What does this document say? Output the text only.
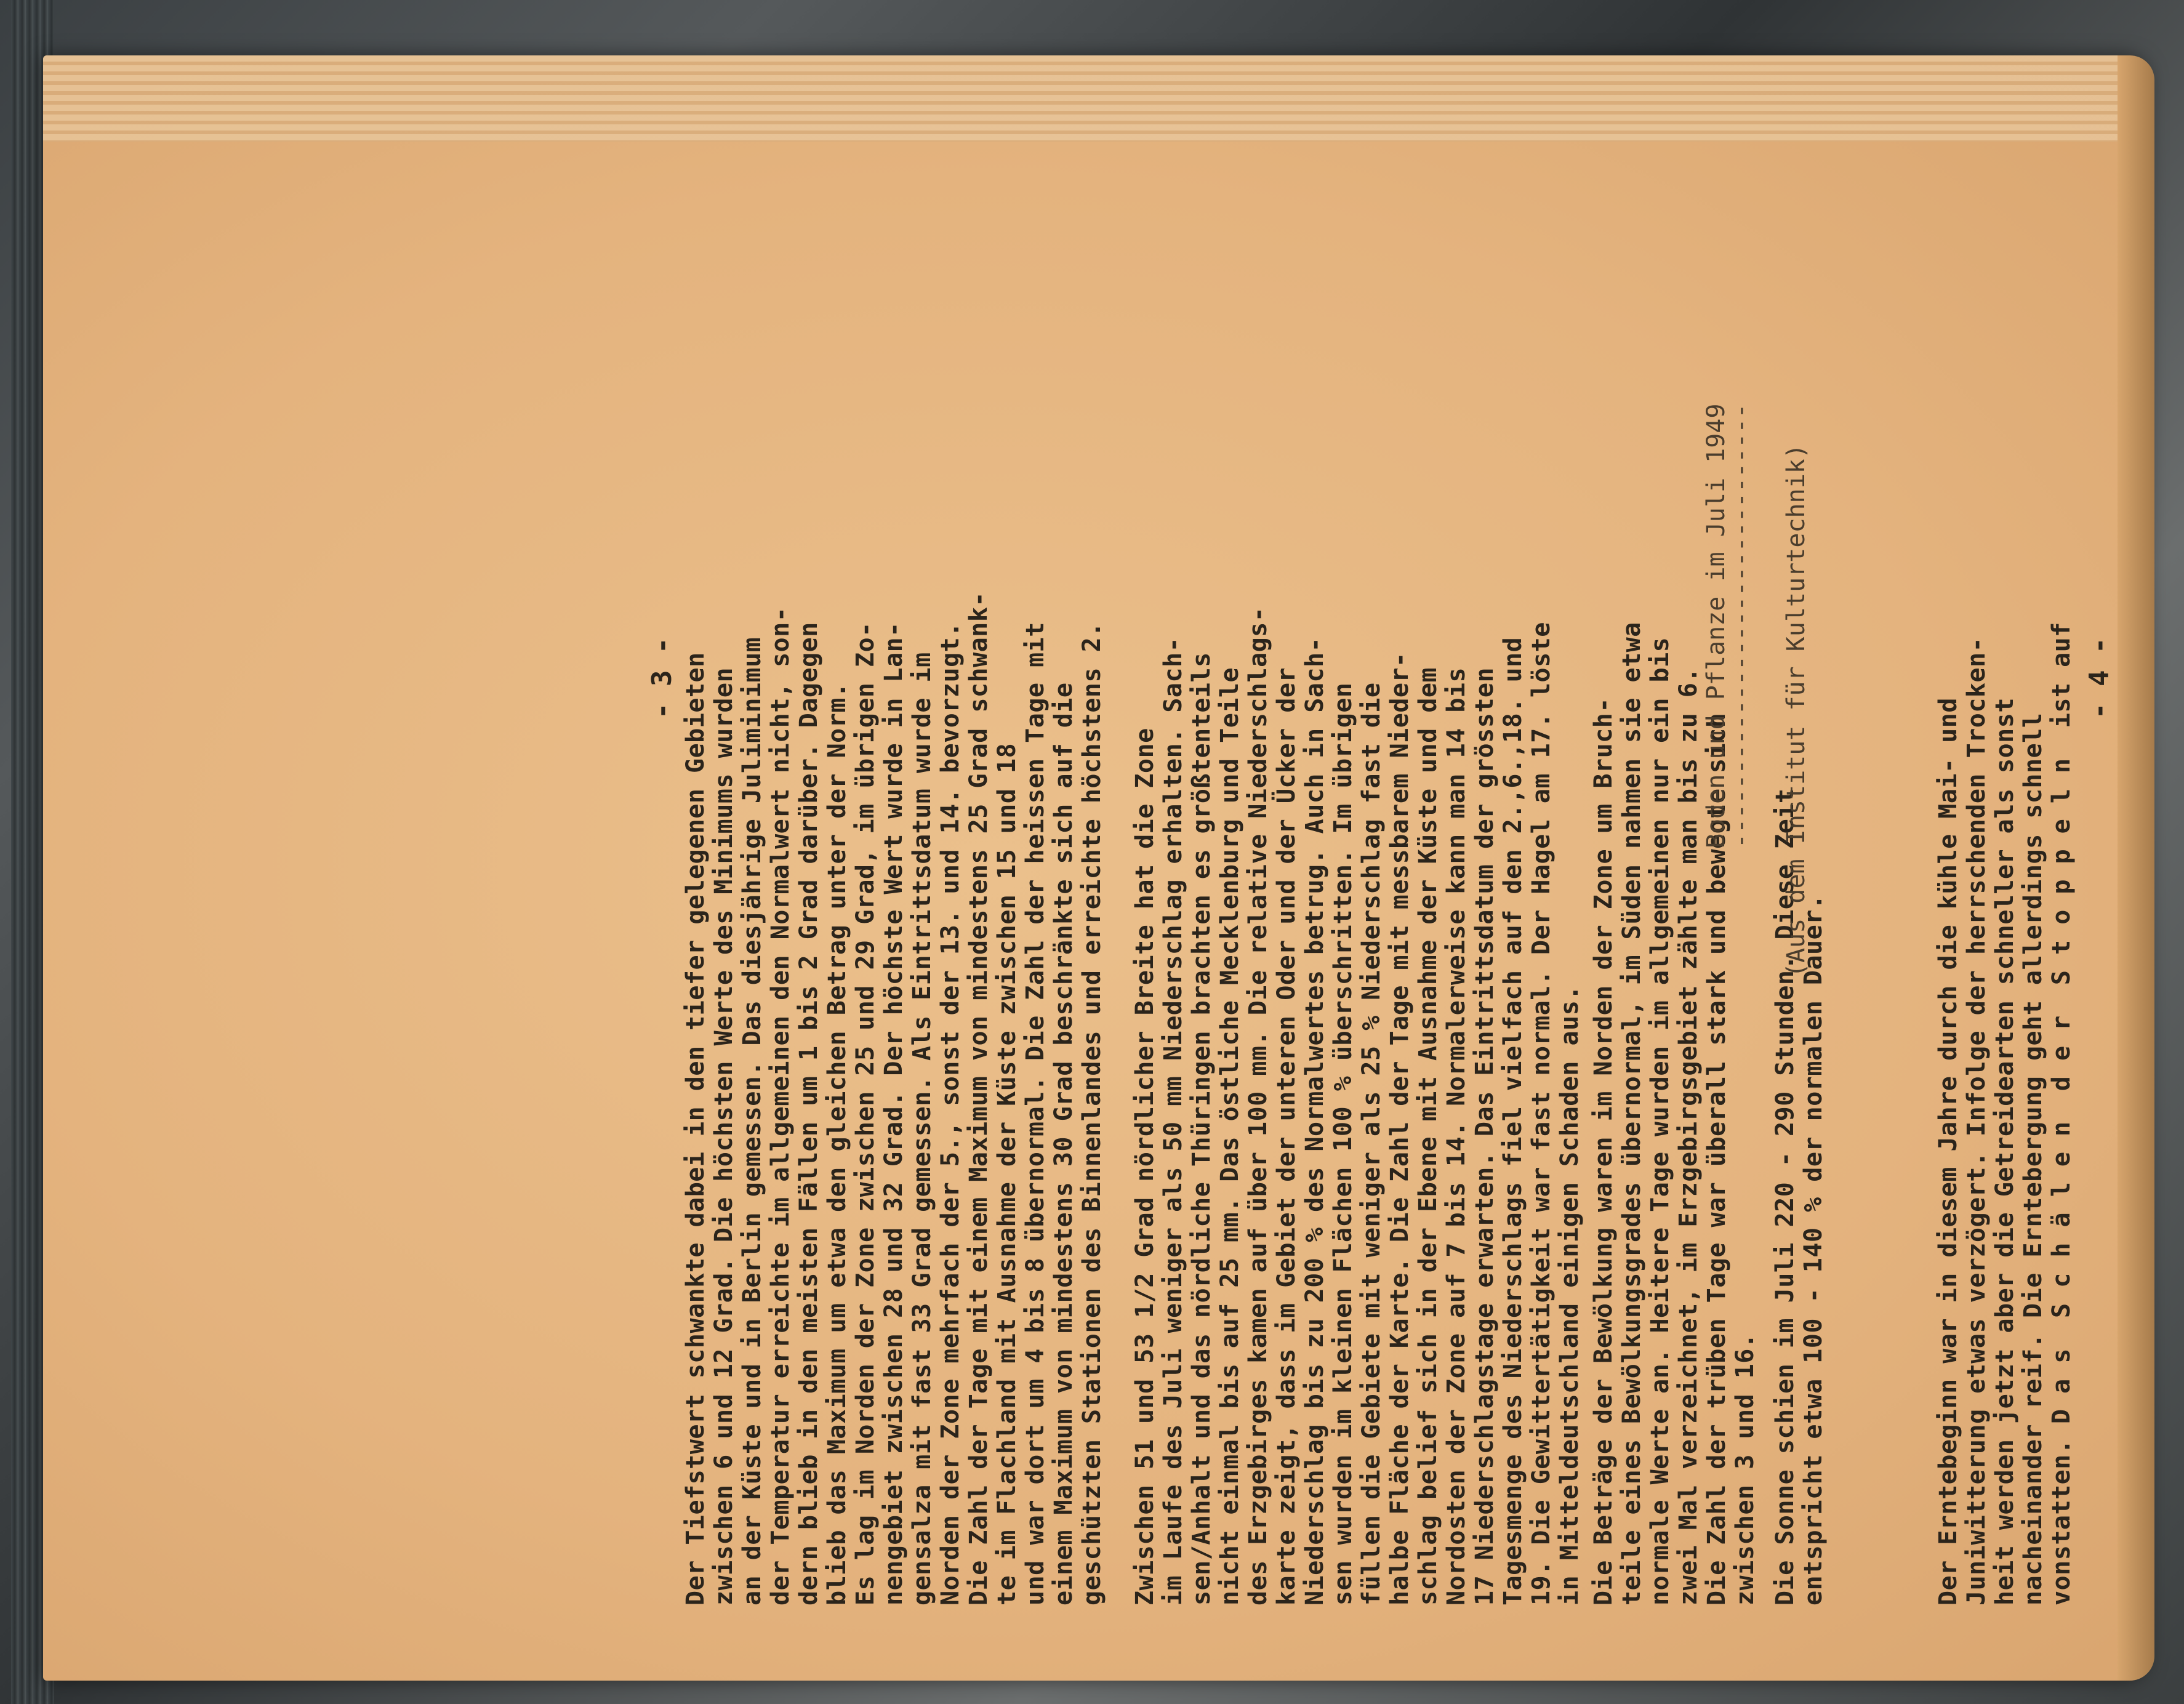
- 3 - Der Tiefstwert schwankte dabei in den tiefer gelegenen Gebieten zwischen 6 und 12 Grad. Die höchsten Werte des Minimums wurden an der Küste und in Berlin gemessen. Das diesjährige Juliminimum der Temperatur erreichte im allgemeinen den Normalwert nicht, son- dern blieb in den meisten Fällen um 1 bis 2 Grad darüber. Dagegen blieb das Maximum um etwa den gleichen Betrag unter der Norm. Es lag im Norden der Zone zwischen 25 und 29 Grad, im übrigen Zo- nengebiet zwischen 28 und 32 Grad. Der höchste Wert wurde in Lan- gensalza mit fast 33 Grad gemessen. Als Eintrittsdatum wurde im Norden der Zone mehrfach der 5., sonst der 13. und 14. bevorzugt. Die Zahl der Tage mit einem Maximum von mindestens 25 Grad schwank- te im Flachland mit Ausnahme der Küste zwischen 15 und 18 und war dort um 4 bis 8 übernormal. Die Zahl der heissen Tage mit einem Maximum von mindestens 30 Grad beschränkte sich auf die geschützten Stationen des Binnenlandes und erreichte höchstens 2. Zwischen 51 und 53 1/2 Grad nördlicher Breite hat die Zone im Laufe des Juli weniger als 50 mm Niederschlag erhalten. Sach- sen/Anhalt und das nördliche Thüringen brachten es größtenteils nicht einmal bis auf 25 mm. Das östliche Mecklenburg und Teile des Erzgebirges kamen auf über 100 mm. Die relative Niederschlags- karte zeigt, dass im Gebiet der unteren Oder und der Ücker der Niederschlag bis zu 200 % des Normalwertes betrug. Auch in Sach- sen wurden im kleinen Flächen 100 % überschritten. Im übrigen füllen die Gebiete mit weniger als 25 % Niederschlag fast die halbe Fläche der Karte. Die Zahl der Tage mit messbarem Nieder- schlag belief sich in der Ebene mit Ausnahme der Küste und dem Nordosten der Zone auf 7 bis 14. Normalerweise kann man 14 bis 17 Niederschlagstage erwarten. Das Eintrittsdatum der grössten Tagesmenge des Niederschlags fiel vielfach auf den 2.,6.,18. und 19. Die Gewittertätigkeit war fast normal. Der Hagel am 17. löste in Mitteldeutschland einigen Schaden aus. Die Beträge der Bewölkung waren im Norden der Zone um Bruch- teile eines Bewölkungsgrades übernormal, im Süden nahmen sie etwa normale Werte an. Heitere Tage wurden im allgemeinen nur ein bis zwei Mal verzeichnet, im Erzgebirgsgebiet zählte man bis zu 6. Die Zahl der trüben Tage war überall stark und bewegte sich zwischen 3 und 16. Die Sonne schien im Juli 220 - 290 Stunden. Diese Zeit entspricht etwa 100 - 140 % der normalen Dauer.
Boden und Pflanze im Juli 1949
------------------------------ (Aus dem Institut für Kulturtechnik)	Der Erntebeginn war in diesem Jahre durch die kühle Mai- und Juniwitterung etwas verzögert. Infolge der herrschenden Trocken- heit werden jetzt aber die Getreidearten schneller als sonst nacheinander reif. Die Erntebergung geht allerdings schnell vonstatten. D a s  S c h ä l e n  d e r  S t o p p e l n  ist auf - 4 -
